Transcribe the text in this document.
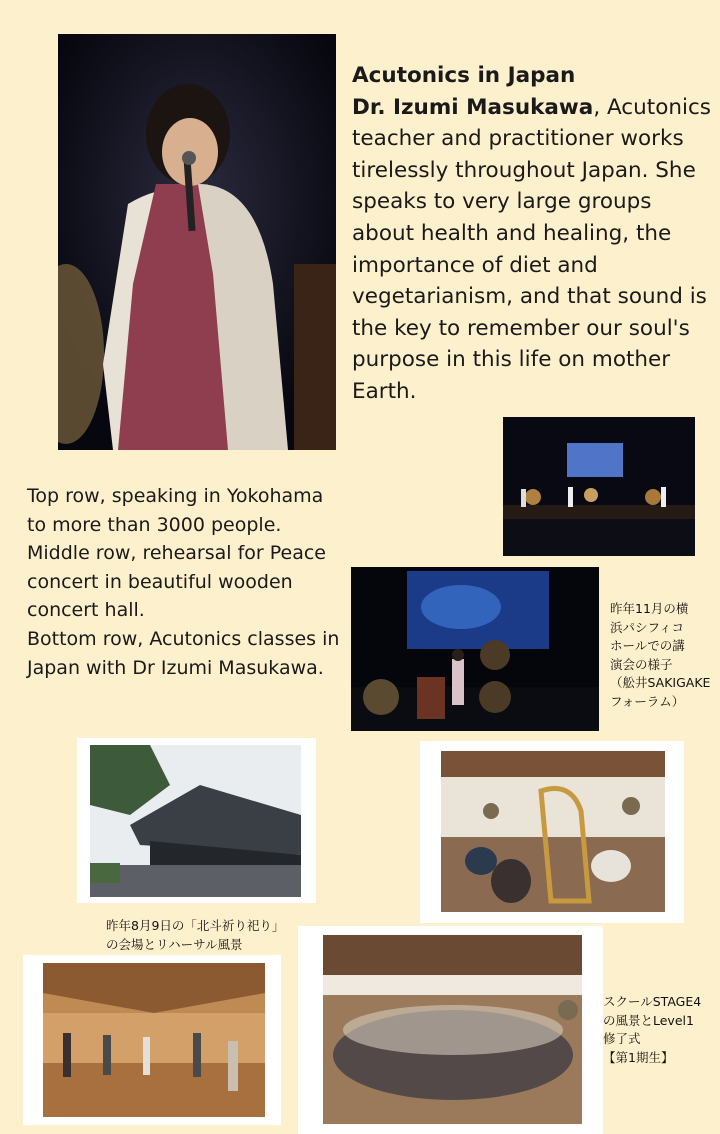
Acutonics in Japan
Dr. Izumi Masukawa, Acutonics teacher and practitioner works tirelessly throughout Japan. She speaks to very large groups about health and healing, the importance of diet and vegetarianism, and that sound is the key to remember our soul's purpose in this life on mother Earth.
Top row, speaking in Yokohama to more than 3000 people.
Middle row, rehearsal for Peace concert in beautiful wooden concert hall.
Bottom row, Acutonics classes in Japan with Dr Izumi Masukawa.
昨年11月の横
浜パシフィコ
ホールでの講
演会の様子
（舩井SAKIGAKE
フォーラム）
昨年8月9日の「北斗祈り祀り」
の会場とリハーサル風景
スクールSTAGE4
の風景とLevel1
修了式
【第1期生】
